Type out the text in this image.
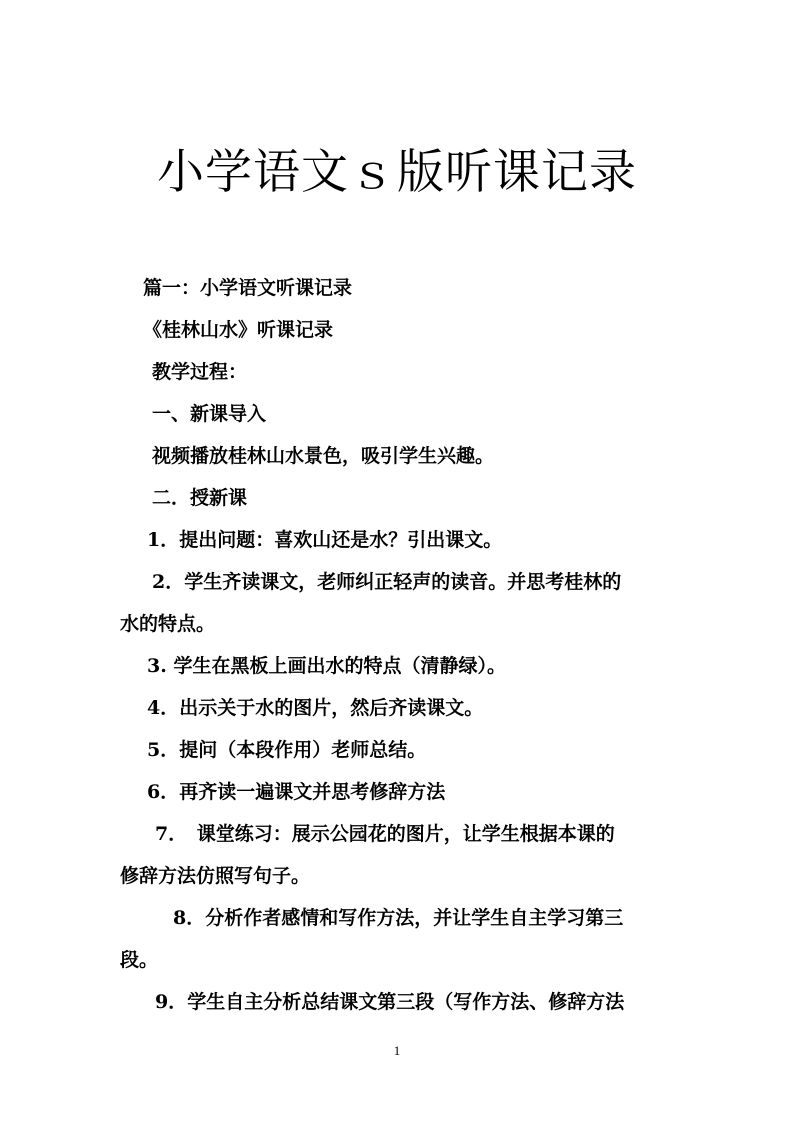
小学语文ｓ版听课记录
篇一：小学语文听课记录
《桂林山水》听课记录
教学过程：
一、新课导入
视频播放桂林山水景色，吸引学生兴趣。
二．授新课
1．提出问题：喜欢山还是水？引出课文。
2．学生齐读课文，老师纠正轻声的读音。并思考桂林的
水的特点。
3. 学生在黑板上画出水的特点（清静绿）。
4．出示关于水的图片，然后齐读课文。
5．提问（本段作用）老师总结。
6．再齐读一遍课文并思考修辞方法
7．　课堂练习：展示公园花的图片，让学生根据本课的
修辞方法仿照写句子。
8．分析作者感情和写作方法，并让学生自主学习第三
段。
9．学生自主分析总结课文第三段（写作方法、修辞方法
1
